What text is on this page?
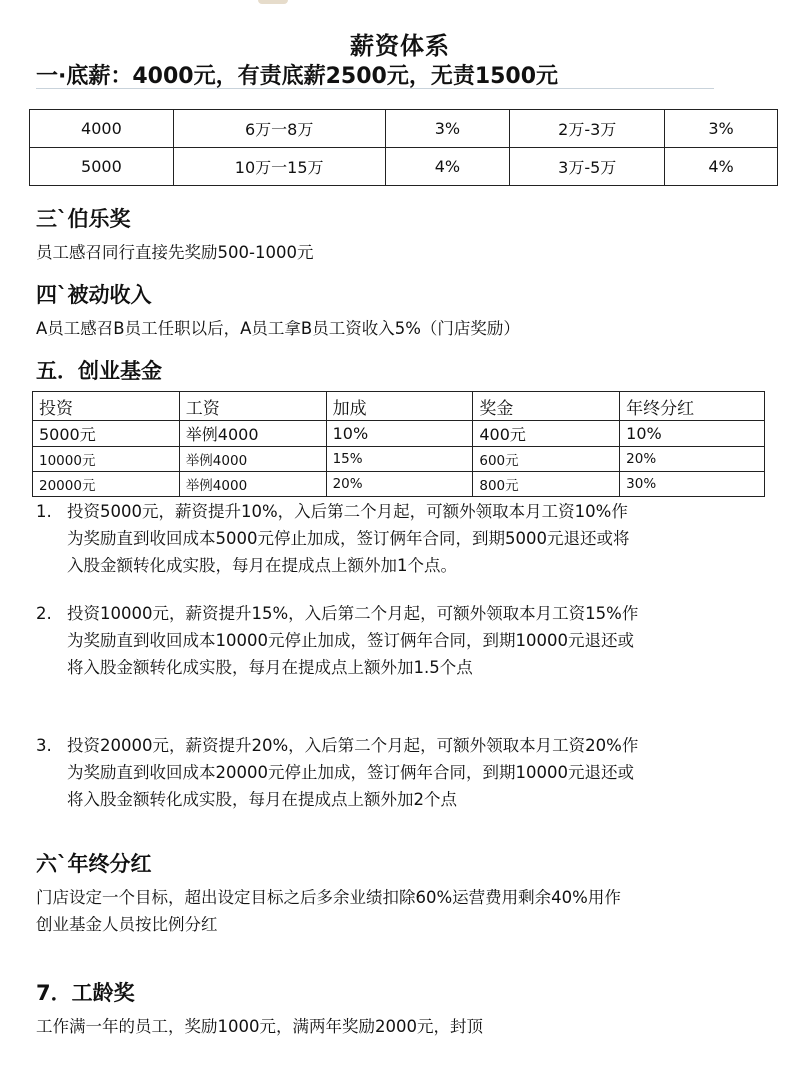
薪资体系
一·底薪：4000元，有责底薪2500元，无责1500元
4000	6万一8万	3%	2万-3万	3%
5000	10万一15万	4%	3万-5万	4%
三`伯乐奖
员工感召同行直接先奖励500-1000元
四`被动收入
A员工感召B员工任职以后，A员工拿B员工资收入5%（门店奖励）
五．创业基金
投资	工资	加成	奖金	年终分红
5000元	举例4000	10%	400元	10%
10000元	举例4000	15%	600元	20%
20000元	举例4000	20%	800元	30%
1. 投资5000元，薪资提升10%，入后第二个月起，可额外领取本月工资10%作
为奖励直到收回成本5000元停止加成，签订俩年合同，到期5000元退还或将
入股金额转化成实股，每月在提成点上额外加1个点。
2. 投资10000元，薪资提升15%，入后第二个月起，可额外领取本月工资15%作
为奖励直到收回成本10000元停止加成，签订俩年合同，到期10000元退还或
将入股金额转化成实股，每月在提成点上额外加1.5个点
3. 投资20000元，薪资提升20%，入后第二个月起，可额外领取本月工资20%作
为奖励直到收回成本20000元停止加成，签订俩年合同，到期10000元退还或
将入股金额转化成实股，每月在提成点上额外加2个点
六`年终分红
门店设定一个目标，超出设定目标之后多余业绩扣除60%运营费用剩余40%用作
创业基金人员按比例分红
7．工龄奖
工作满一年的员工，奖励1000元，满两年奖励2000元，封顶
